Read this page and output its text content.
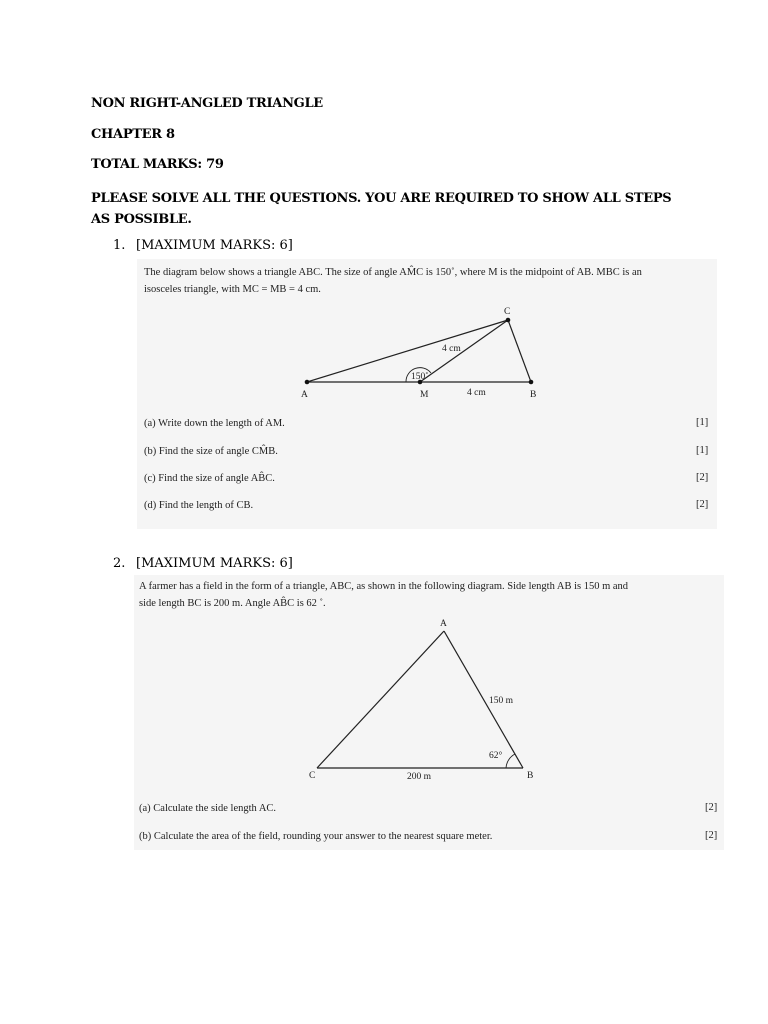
NON RIGHT-ANGLED TRIANGLE
CHAPTER 8
TOTAL MARKS: 79
PLEASE SOLVE ALL THE QUESTIONS. YOU ARE REQUIRED TO SHOW ALL STEPS AS POSSIBLE.
1. [MAXIMUM MARKS: 6]
The diagram below shows a triangle ABC. The size of angle AM̂C is 150˚, where M is the midpoint of AB. MBC is an
isosceles triangle, with MC = MB = 4 cm.
C
A	M	B
4 cm
4 cm
150˚
(a) Write down the length of AM.	[1]
(b) Find the size of angle CM̂B.	[1]
(c) Find the size of angle AB̂C.	[2]
(d) Find the length of CB.	[2]
2. [MAXIMUM MARKS: 6]
A farmer has a field in the form of a triangle, ABC, as shown in the following diagram. Side length AB is 150 m and
side length BC is 200 m. Angle AB̂C is 62 ˚.
A
B
C
150 m
200 m
62°
(a) Calculate the side length AC.	[2]
(b) Calculate the area of the field, rounding your answer to the nearest square meter.	[2]
